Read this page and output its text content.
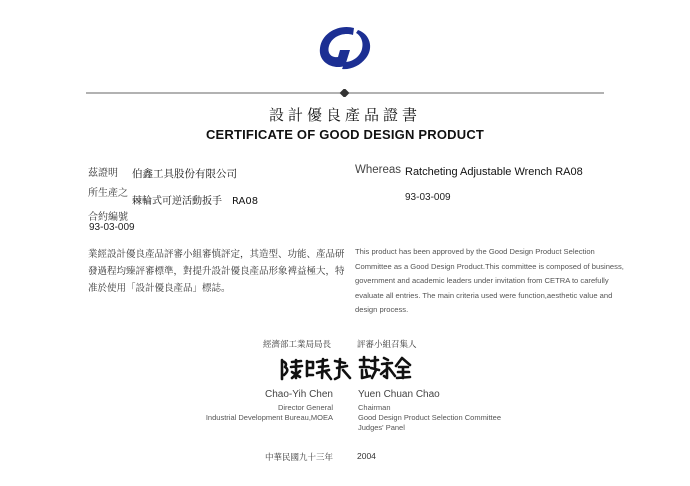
設計優良產品證書
CERTIFICATE OF GOOD DESIGN PRODUCT
茲證明 伯鑫工具股份有限公司
所生產之
棘輪式可逆活動扳手　RA08
合約編號
93-03-009
Whereas Ratcheting Adjustable Wrench RA08
93-03-009

業經設計優良產品評審小組審慎評定，其造型、功能、產品研發過程均臻評審標準，對提升設計優良產品形象裨益極大，特准於使用「設計優良產品」標誌。

This product has been approved by the Good Design Product Selection Committee as a Good Design Product.This committee is composed of business, government and academic leaders under invitation from CETRA to carefully evaluate all entries. The main criteria used were function,aesthetic value and design process.

經濟部工業局局長	評審小組召集人
Chao-Yih Chen
Director General
Industrial Development Bureau,MOEA
Yuen Chuan Chao
Chairman
Good Design Product Selection Committee
Judges' Panel
中華民國九十三年	2004
